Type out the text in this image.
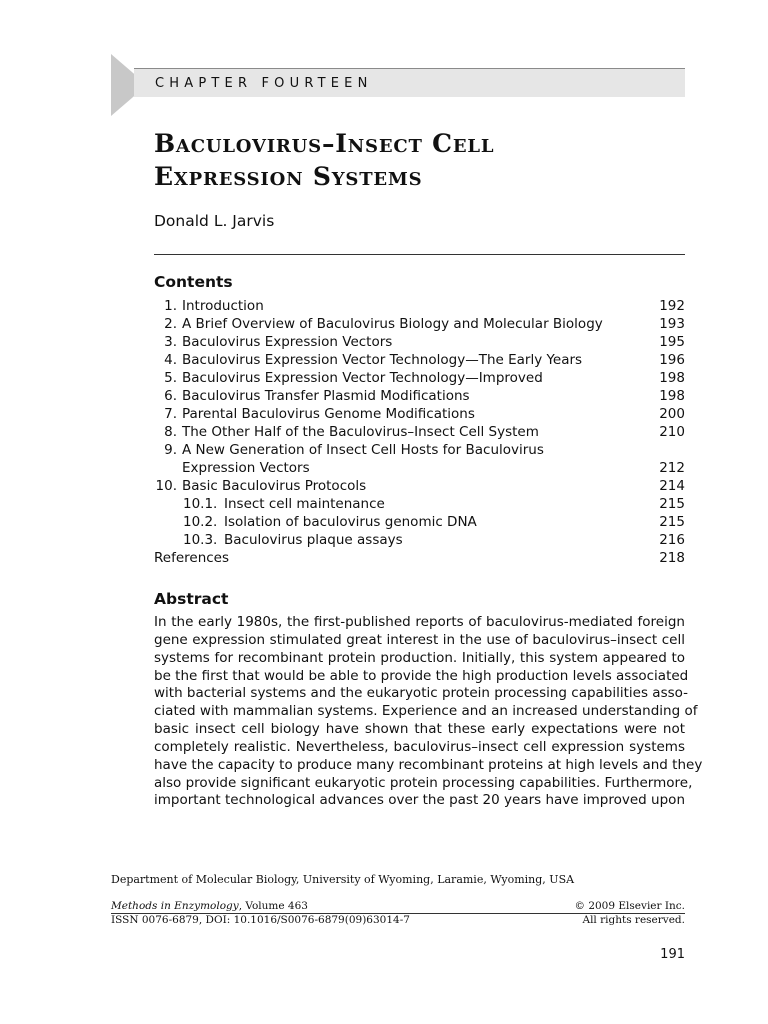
CHAPTER FOURTEEN
Baculovirus–Insect Cell
Expression Systems
Donald L. Jarvis
Contents
1. Introduction	192
2. A Brief Overview of Baculovirus Biology and Molecular Biology	193
3. Baculovirus Expression Vectors	195
4. Baculovirus Expression Vector Technology—The Early Years	196
5. Baculovirus Expression Vector Technology—Improved	198
6. Baculovirus Transfer Plasmid Modifications	198
7. Parental Baculovirus Genome Modifications	200
8. The Other Half of the Baculovirus–Insect Cell System	210
9. A New Generation of Insect Cell Hosts for Baculovirus
Expression Vectors	212
10. Basic Baculovirus Protocols	214
10.1. Insect cell maintenance	215
10.2. Isolation of baculovirus genomic DNA	215
10.3. Baculovirus plaque assays	216
References	218
Abstract
In the early 1980s, the first-published reports of baculovirus-mediated foreign
gene expression stimulated great interest in the use of baculovirus–insect cell
systems for recombinant protein production. Initially, this system appeared to
be the first that would be able to provide the high production levels associated
with bacterial systems and the eukaryotic protein processing capabilities asso-
ciated with mammalian systems. Experience and an increased understanding of
basic insect cell biology have shown that these early expectations were not
completely realistic. Nevertheless, baculovirus–insect cell expression systems
have the capacity to produce many recombinant proteins at high levels and they
also provide significant eukaryotic protein processing capabilities. Furthermore,
important technological advances over the past 20 years have improved upon
Department of Molecular Biology, University of Wyoming, Laramie, Wyoming, USA
Methods in Enzymology, Volume 463	© 2009 Elsevier Inc.
ISSN 0076-6879, DOI: 10.1016/S0076-6879(09)63014-7	All rights reserved.
191
